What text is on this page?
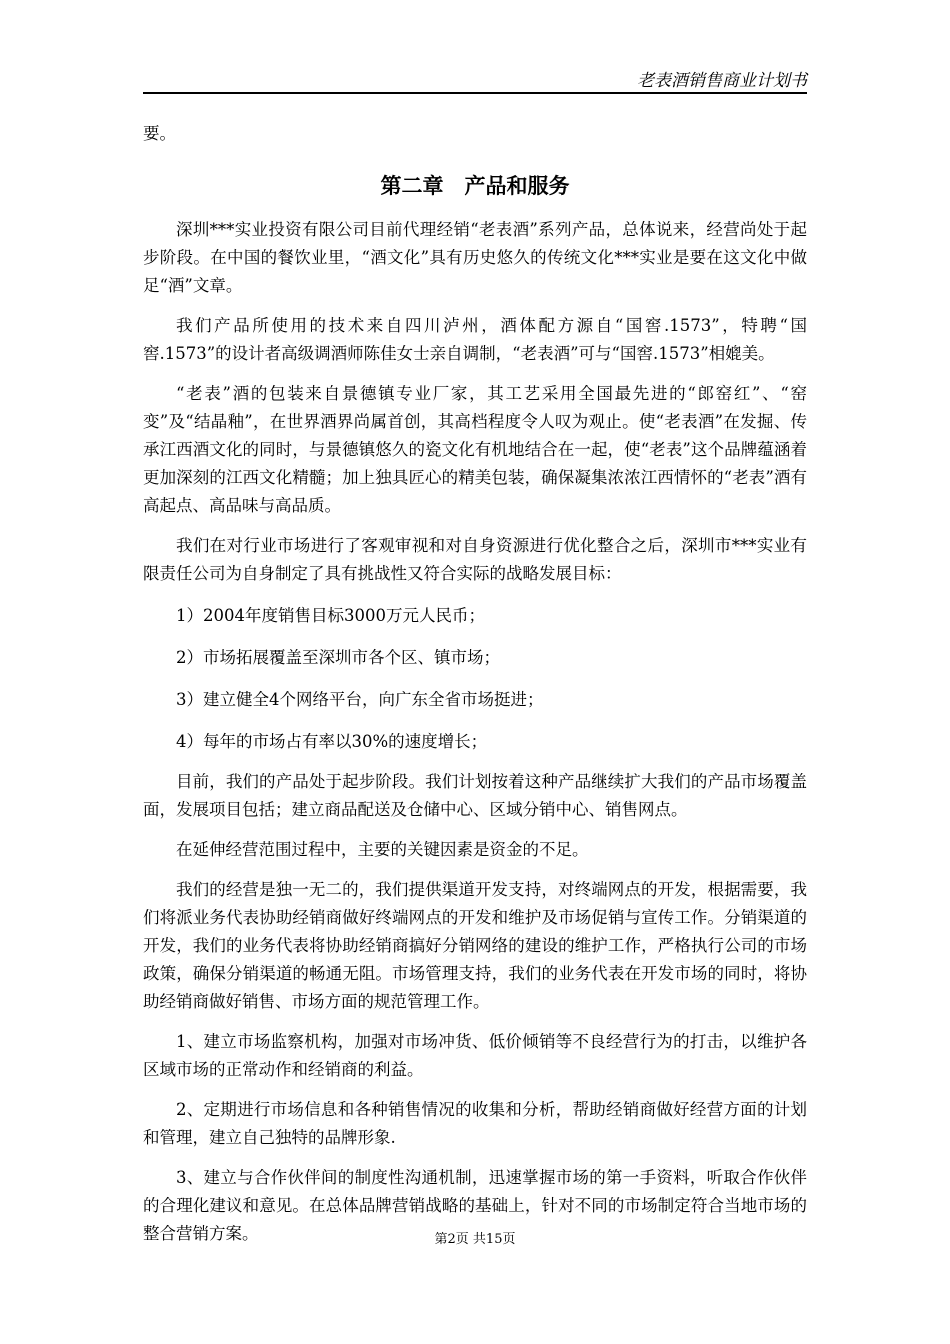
老表酒销售商业计划书

要。

第二章　产品和服务

深圳***实业投资有限公司目前代理经销“老表酒”系列产品，总体说来，经营尚处于起步阶段。在中国的餐饮业里，“酒文化”具有历史悠久的传统文化***实业是要在这文化中做足“酒”文章。

我们产品所使用的技术来自四川泸州，酒体配方源自“国窖.1573”，特聘“国窖.1573”的设计者高级调酒师陈佳女士亲自调制，“老表酒”可与“国窖.1573”相媲美。

“老表”酒的包装来自景德镇专业厂家，其工艺采用全国最先进的“郎窑红”、“窑变”及“结晶釉”，在世界酒界尚属首创，其高档程度令人叹为观止。使“老表酒”在发掘、传承江西酒文化的同时，与景德镇悠久的瓷文化有机地结合在一起，使“老表”这个品牌蕴涵着更加深刻的江西文化精髓；加上独具匠心的精美包装，确保凝集浓浓江西情怀的“老表”酒有高起点、高品味与高品质。

我们在对行业市场进行了客观审视和对自身资源进行优化整合之后，深圳市***实业有限责任公司为自身制定了具有挑战性又符合实际的战略发展目标：

1）2004年度销售目标3000万元人民币；

2）市场拓展覆盖至深圳市各个区、镇市场；

3）建立健全4个网络平台，向广东全省市场挺进；

4）每年的市场占有率以30%的速度增长；

目前，我们的产品处于起步阶段。我们计划按着这种产品继续扩大我们的产品市场覆盖面，发展项目包括；建立商品配送及仓储中心、区域分销中心、销售网点。

在延伸经营范围过程中，主要的关键因素是资金的不足。

我们的经营是独一无二的，我们提供渠道开发支持，对终端网点的开发，根据需要，我们将派业务代表协助经销商做好终端网点的开发和维护及市场促销与宣传工作。分销渠道的开发，我们的业务代表将协助经销商搞好分销网络的建设的维护工作，严格执行公司的市场政策，确保分销渠道的畅通无阻。市场管理支持，我们的业务代表在开发市场的同时，将协助经销商做好销售、市场方面的规范管理工作。

1、建立市场监察机构，加强对市场冲货、低价倾销等不良经营行为的打击，以维护各区域市场的正常动作和经销商的利益。

2、定期进行市场信息和各种销售情况的收集和分析，帮助经销商做好经营方面的计划和管理，建立自己独特的品牌形象.

3、建立与合作伙伴间的制度性沟通机制，迅速掌握市场的第一手资料，听取合作伙伴的合理化建议和意见。在总体品牌营销战略的基础上，针对不同的市场制定符合当地市场的整合营销方案。	第2页 共15页
